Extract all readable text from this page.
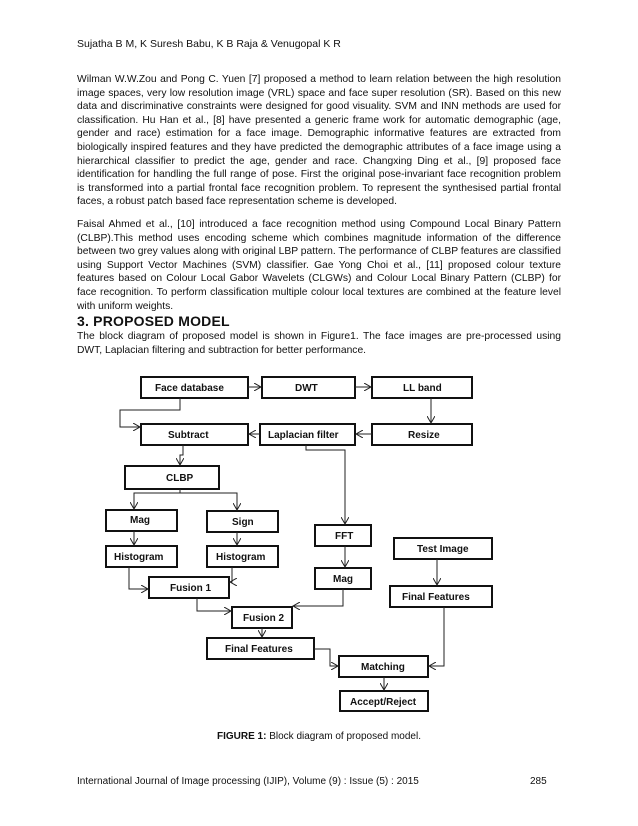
Sujatha B M, K Suresh Babu, K B Raja & Venugopal K R

Wilman W.W.Zou and Pong C. Yuen [7] proposed a method to learn relation between the high resolution image spaces, very low resolution image (VRL) space and face super resolution (SR). Based on this new data and discriminative constraints were designed for good visuality. SVM and INN methods are used for classification. Hu Han et al., [8] have presented a generic frame work for automatic demographic (age, gender and race) estimation for a face image. Demographic informative features are extracted from biologically inspired features and they have predicted the demographic attributes of a face image using a hierarchical classifier to predict the age, gender and race. Changxing Ding et al., [9] proposed face identification for handling the full range of pose. First the original pose-invariant face recognition problem is transformed into a partial frontal face recognition problem. To represent the synthesised partial frontal faces, a robust patch based face representation scheme is developed.

Faisal Ahmed et al., [10] introduced a face recognition method using Compound Local Binary Pattern (CLBP).This method uses encoding scheme which combines magnitude information of the difference between two grey values along with original LBP pattern. The performance of CLBP features are classified using Support Vector Machines (SVM) classifier. Gae Yong Choi et al., [11] proposed colour texture features based on Colour Local Gabor Wavelets (CLGWs) and Colour Local Binary Pattern (CLBP) for face recognition. To perform classification multiple colour local textures are combined at the feature level with uniform weights.

3. PROPOSED MODEL

The block diagram of proposed model is shown in Figure1. The face images are pre-processed using DWT, Laplacian filtering and subtraction for better performance.

Face database	DWT	LL band
Subtract	Laplacian filter	Resize
CLBP
Mag	Sign
FFT
Test Image
Histogram	Histogram
Mag
Fusion 1
Final Features
Fusion 2
Final Features
Matching
Accept/Reject
FIGURE 1: Block diagram of proposed model.
International Journal of Image processing (IJIP), Volume (9) : Issue (5) : 2015	285
